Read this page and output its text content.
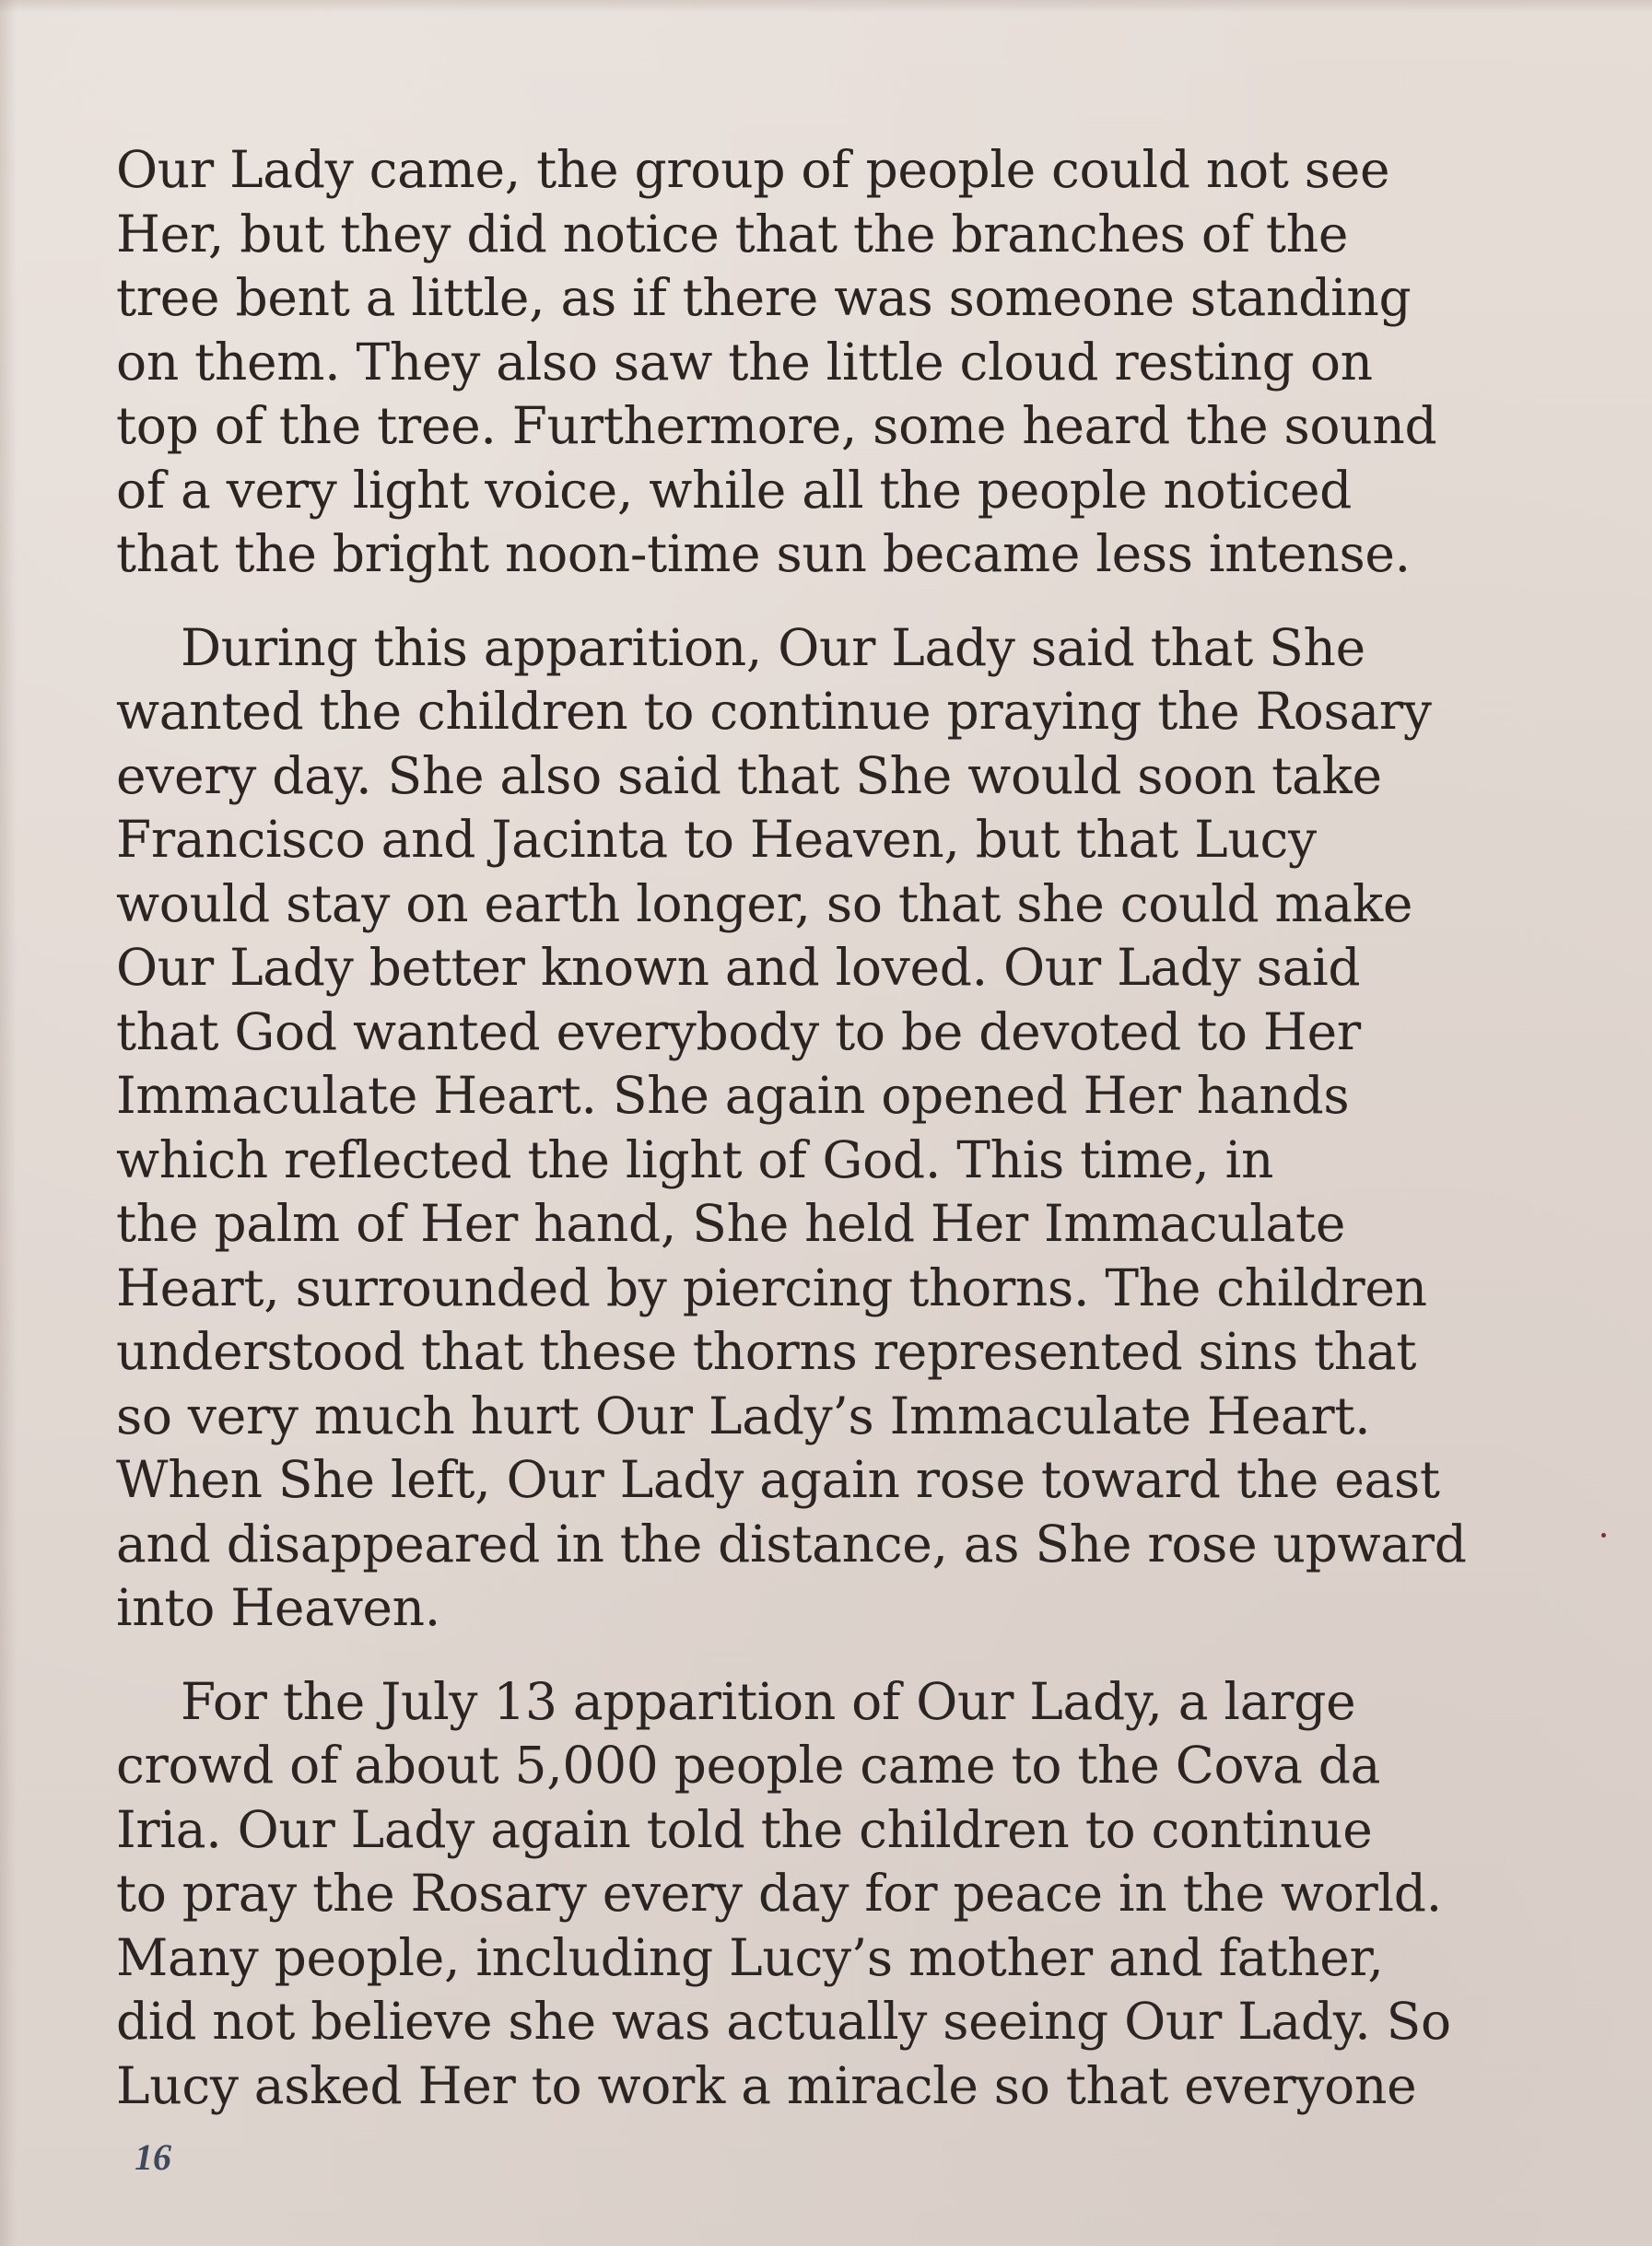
Our Lady came, the group of people could not see
Her, but they did notice that the branches of the
tree bent a little, as if there was someone standing
on them. They also saw the little cloud resting on
top of the tree. Furthermore, some heard the sound
of a very light voice, while all the people noticed
that the bright noon-time sun became less intense.

During this apparition, Our Lady said that She
wanted the children to continue praying the Rosary
every day. She also said that She would soon take
Francisco and Jacinta to Heaven, but that Lucy
would stay on earth longer, so that she could make
Our Lady better known and loved. Our Lady said
that God wanted everybody to be devoted to Her
Immaculate Heart. She again opened Her hands
which reflected the light of God. This time, in
the palm of Her hand, She held Her Immaculate
Heart, surrounded by piercing thorns. The children
understood that these thorns represented sins that
so very much hurt Our Lady’s Immaculate Heart.
When She left, Our Lady again rose toward the east
and disappeared in the distance, as She rose upward
into Heaven.

For the July 13 apparition of Our Lady, a large
crowd of about 5,000 people came to the Cova da
Iria. Our Lady again told the children to continue
to pray the Rosary every day for peace in the world.
Many people, including Lucy’s mother and father,
did not believe she was actually seeing Our Lady. So
Lucy asked Her to work a miracle so that everyone

16
